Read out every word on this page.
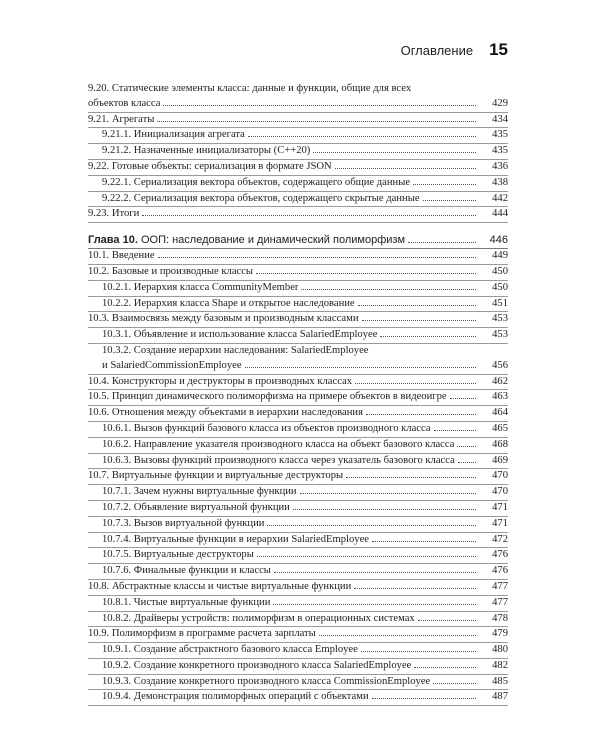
Оглавление 15
9.20. Статические элементы класса: данные и функции, общие для всех
объектов класса	429
9.21. Агрегаты	434
9.21.1. Инициализация агрегата	435
9.21.2. Назначенные инициализаторы (C++20)	435
9.22. Готовые объекты: сериализация в формате JSON	436
9.22.1. Сериализация вектора объектов, содержащего общие данные	438
9.22.2. Сериализация вектора объектов, содержащего скрытые данные	442
9.23. Итоги	444
Глава 10. ООП: наследование и динамический полиморфизм	446
10.1. Введение	449
10.2. Базовые и производные классы	450
10.2.1. Иерархия класса CommunityMember	450
10.2.2. Иерархия класса Shape и открытое наследование	451
10.3. Взаимосвязь между базовым и производным классами	453
10.3.1. Объявление и использование класса SalariedEmployee	453
10.3.2. Создание иерархии наследования: SalariedEmployee
и SalariedCommissionEmployee	456
10.4. Конструкторы и деструкторы в производных классах	462
10.5. Принцип динамического полиморфизма на примере объектов в видеоигре	463
10.6. Отношения между объектами в иерархии наследования	464
10.6.1. Вызов функций базового класса из объектов производного класса	465
10.6.2. Направление указателя производного класса на объект базового класса	468
10.6.3. Вызовы функций производного класса через указатель базового класса	469
10.7. Виртуальные функции и виртуальные деструкторы	470
10.7.1. Зачем нужны виртуальные функции	470
10.7.2. Объявление виртуальной функции	471
10.7.3. Вызов виртуальной функции	471
10.7.4. Виртуальные функции в иерархии SalariedEmployee	472
10.7.5. Виртуальные деструкторы	476
10.7.6. Финальные функции и классы	476
10.8. Абстрактные классы и чистые виртуальные функции	477
10.8.1. Чистые виртуальные функции	477
10.8.2. Драйверы устройств: полиморфизм в операционных системах	478
10.9. Полиморфизм в программе расчета зарплаты	479
10.9.1. Создание абстрактного базового класса Employee	480
10.9.2. Создание конкретного производного класса SalariedEmployee	482
10.9.3. Создание конкретного производного класса CommissionEmployee	485
10.9.4. Демонстрация полиморфных операций с объектами	487
